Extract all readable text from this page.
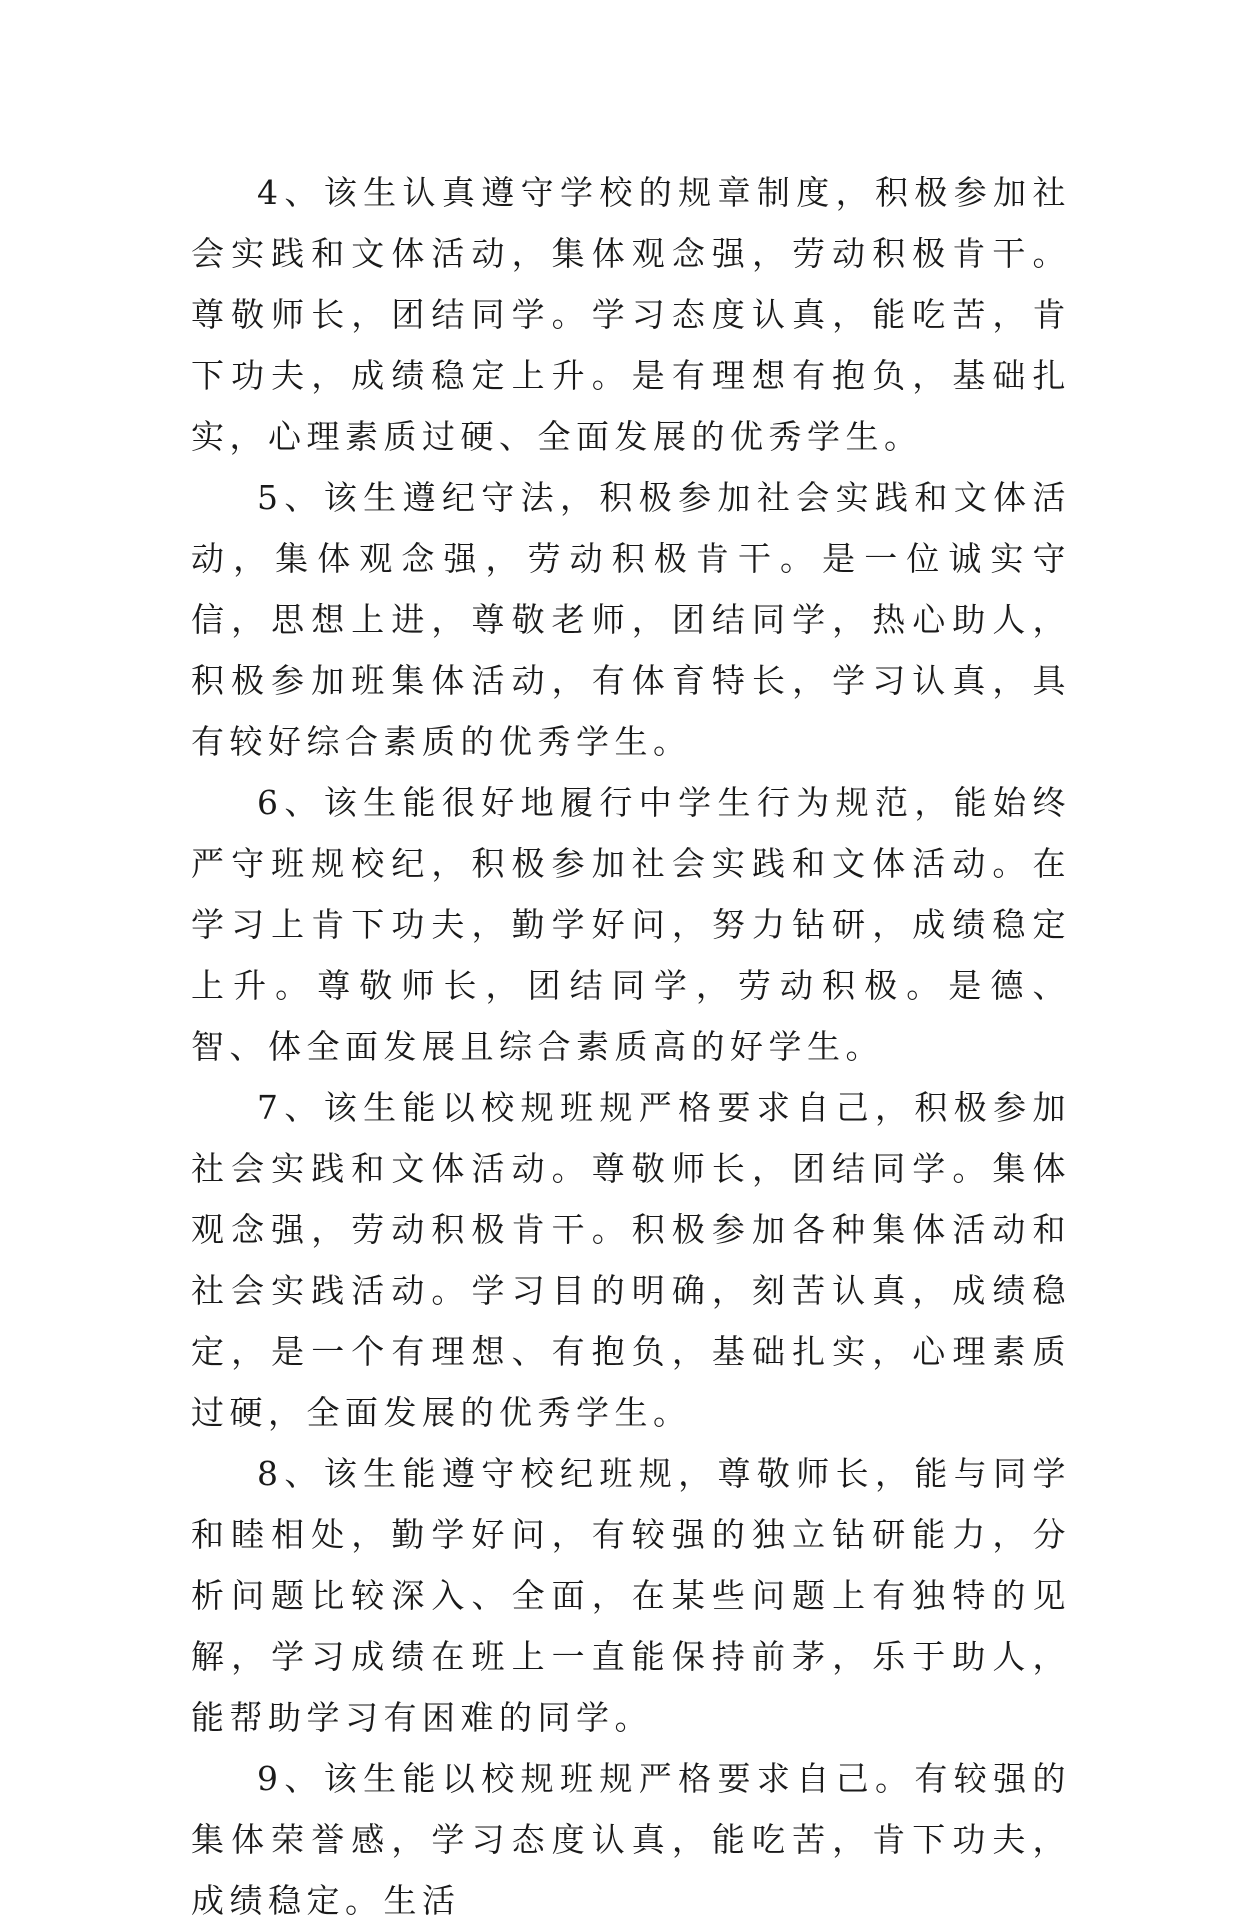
4、该生认真遵守学校的规章制度，积极参加社会实践和文体活动，集体观念强，劳动积极肯干。尊敬师长，团结同学。学习态度认真，能吃苦，肯下功夫，成绩稳定上升。是有理想有抱负，基础扎实，心理素质过硬、全面发展的优秀学生。

5、该生遵纪守法，积极参加社会实践和文体活动，集体观念强，劳动积极肯干。是一位诚实守信，思想上进，尊敬老师，团结同学，热心助人，积极参加班集体活动，有体育特长，学习认真，具有较好综合素质的优秀学生。

6、该生能很好地履行中学生行为规范，能始终严守班规校纪，积极参加社会实践和文体活动。在学习上肯下功夫，勤学好问，努力钻研，成绩稳定上升。尊敬师长，团结同学，劳动积极。是德、智、体全面发展且综合素质高的好学生。

7、该生能以校规班规严格要求自己，积极参加社会实践和文体活动。尊敬师长，团结同学。集体观念强，劳动积极肯干。积极参加各种集体活动和社会实践活动。学习目的明确，刻苦认真，成绩稳定，是一个有理想、有抱负，基础扎实，心理素质过硬，全面发展的优秀学生。

8、该生能遵守校纪班规，尊敬师长，能与同学和睦相处，勤学好问，有较强的独立钻研能力，分析问题比较深入、全面，在某些问题上有独特的见解，学习成绩在班上一直能保持前茅，乐于助人，能帮助学习有困难的同学。

9、该生能以校规班规严格要求自己。有较强的集体荣誉感，学习态度认真，能吃苦，肯下功夫，成绩稳定。生活
